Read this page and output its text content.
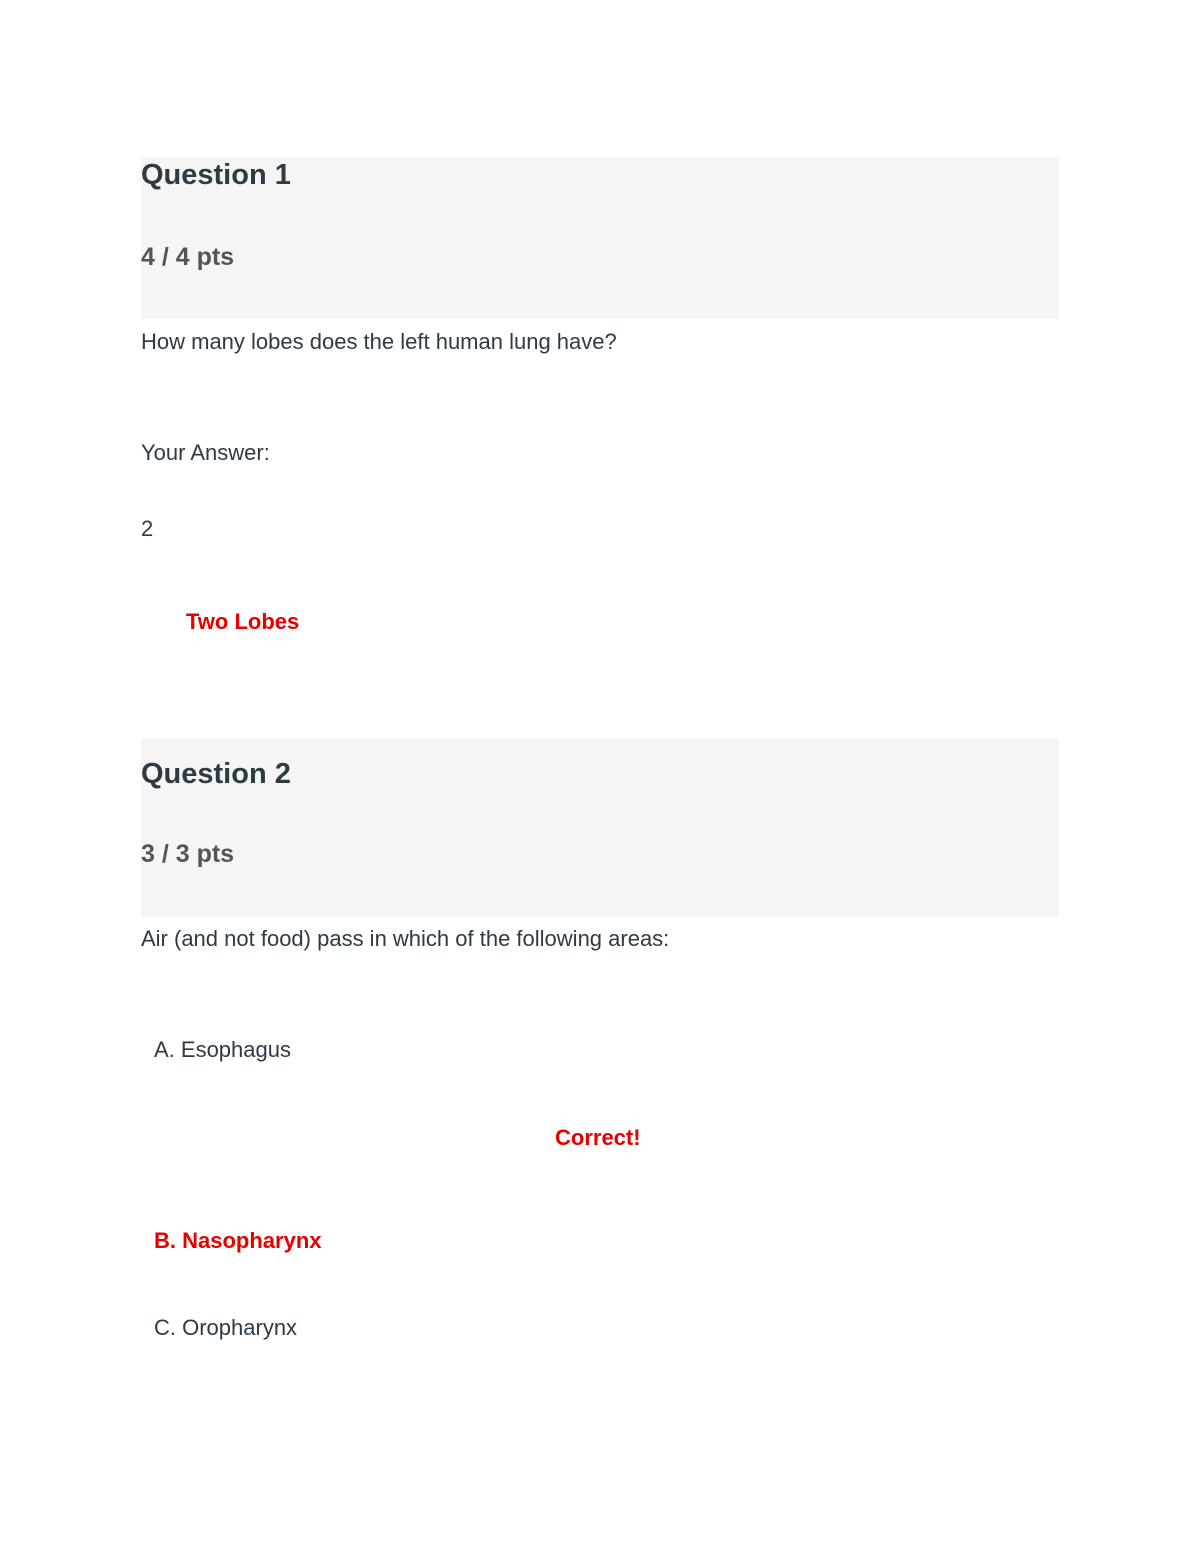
Question 1
4 / 4 pts
How many lobes does the left human lung have?
Your Answer:
2
Two Lobes
Question 2
3 / 3 pts
Air (and not food) pass in which of the following areas:
A. Esophagus
Correct!
B. Nasopharynx
C. Oropharynx
